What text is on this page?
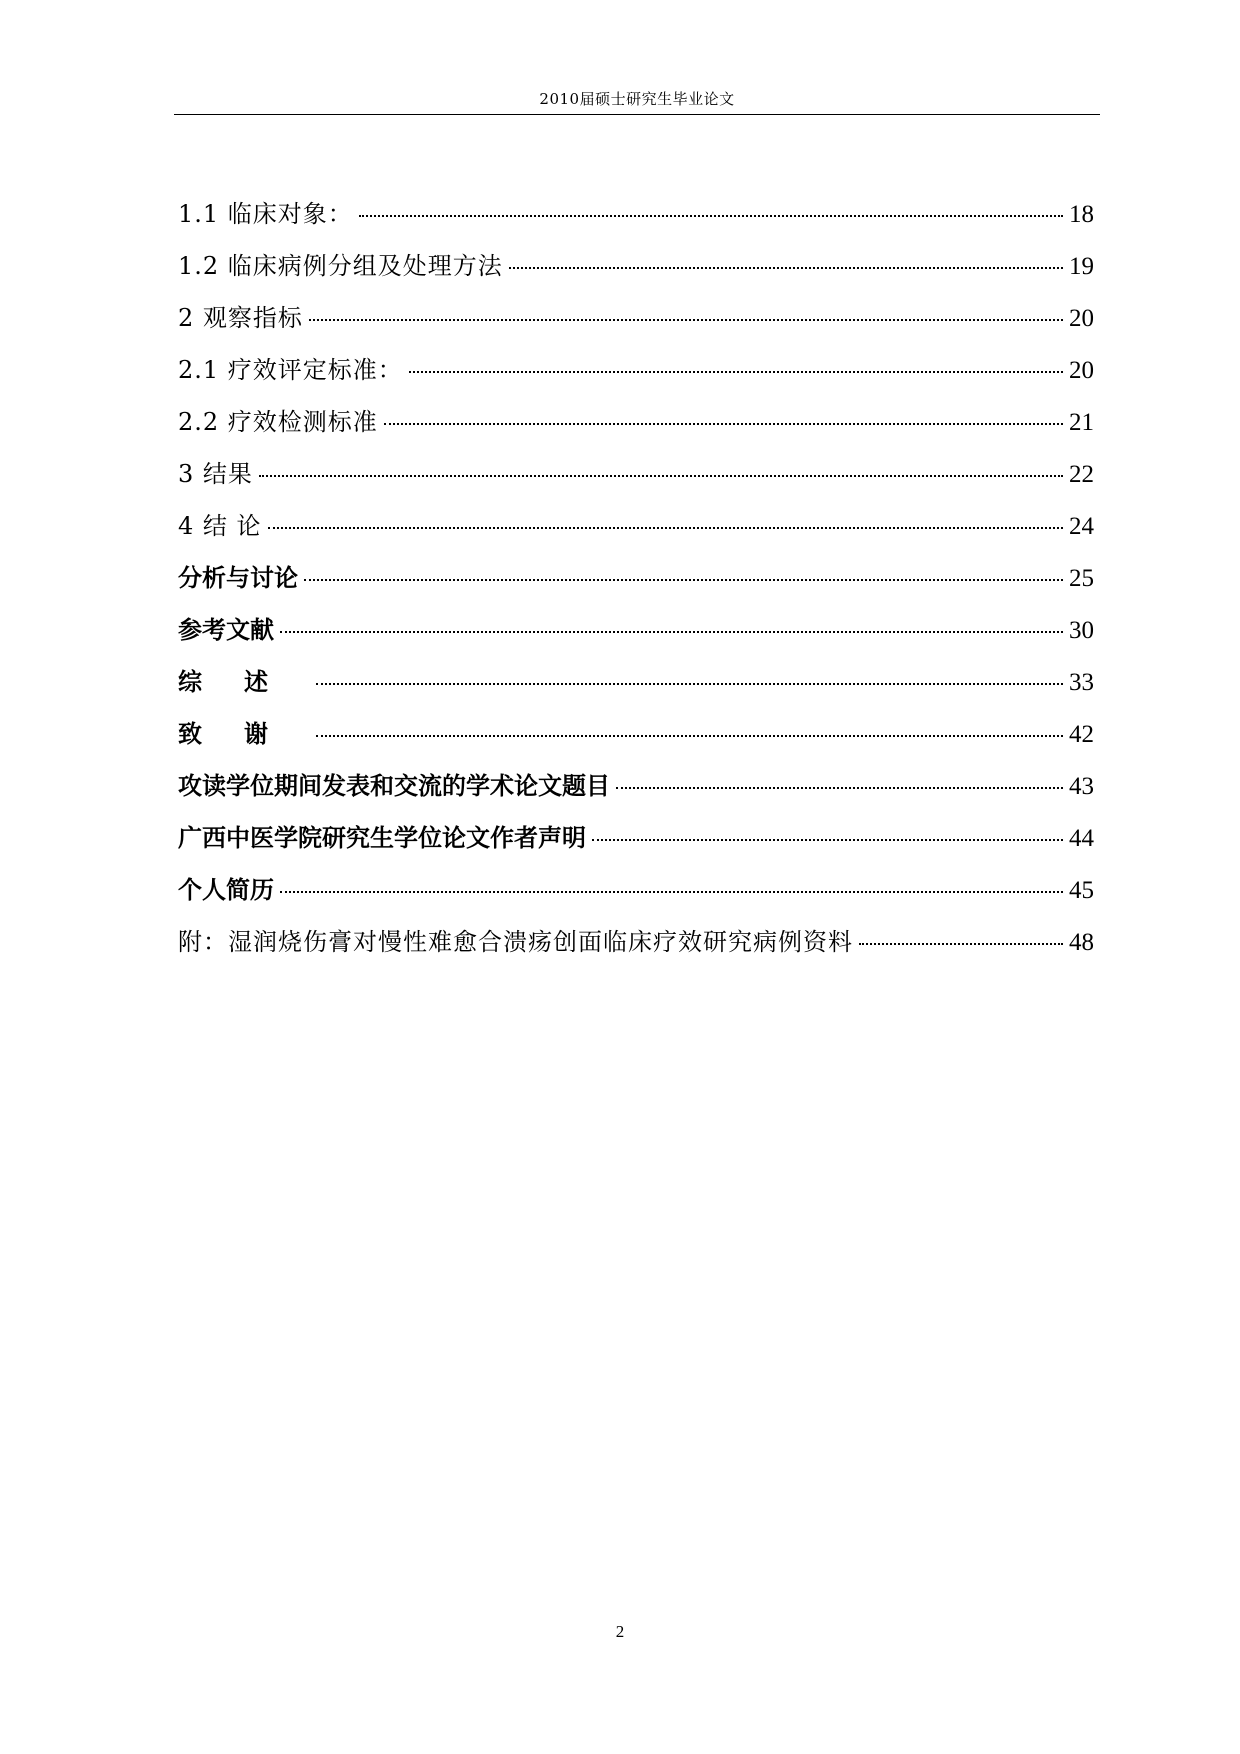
2010届硕士研究生毕业论文
1.1 临床对象：	18
1.2 临床病例分组及处理方法	19
2 观察指标	20
2.1 疗效评定标准：	20
2.2 疗效检测标准	21
3 结果	22
4 结 论	24
分析与讨论	25
参考文献	30
综述	33
致谢	42
攻读学位期间发表和交流的学术论文题目	43
广西中医学院研究生学位论文作者声明	44
个人简历	45
附：湿润烧伤膏对慢性难愈合溃疡创面临床疗效研究病例资料	48
2
